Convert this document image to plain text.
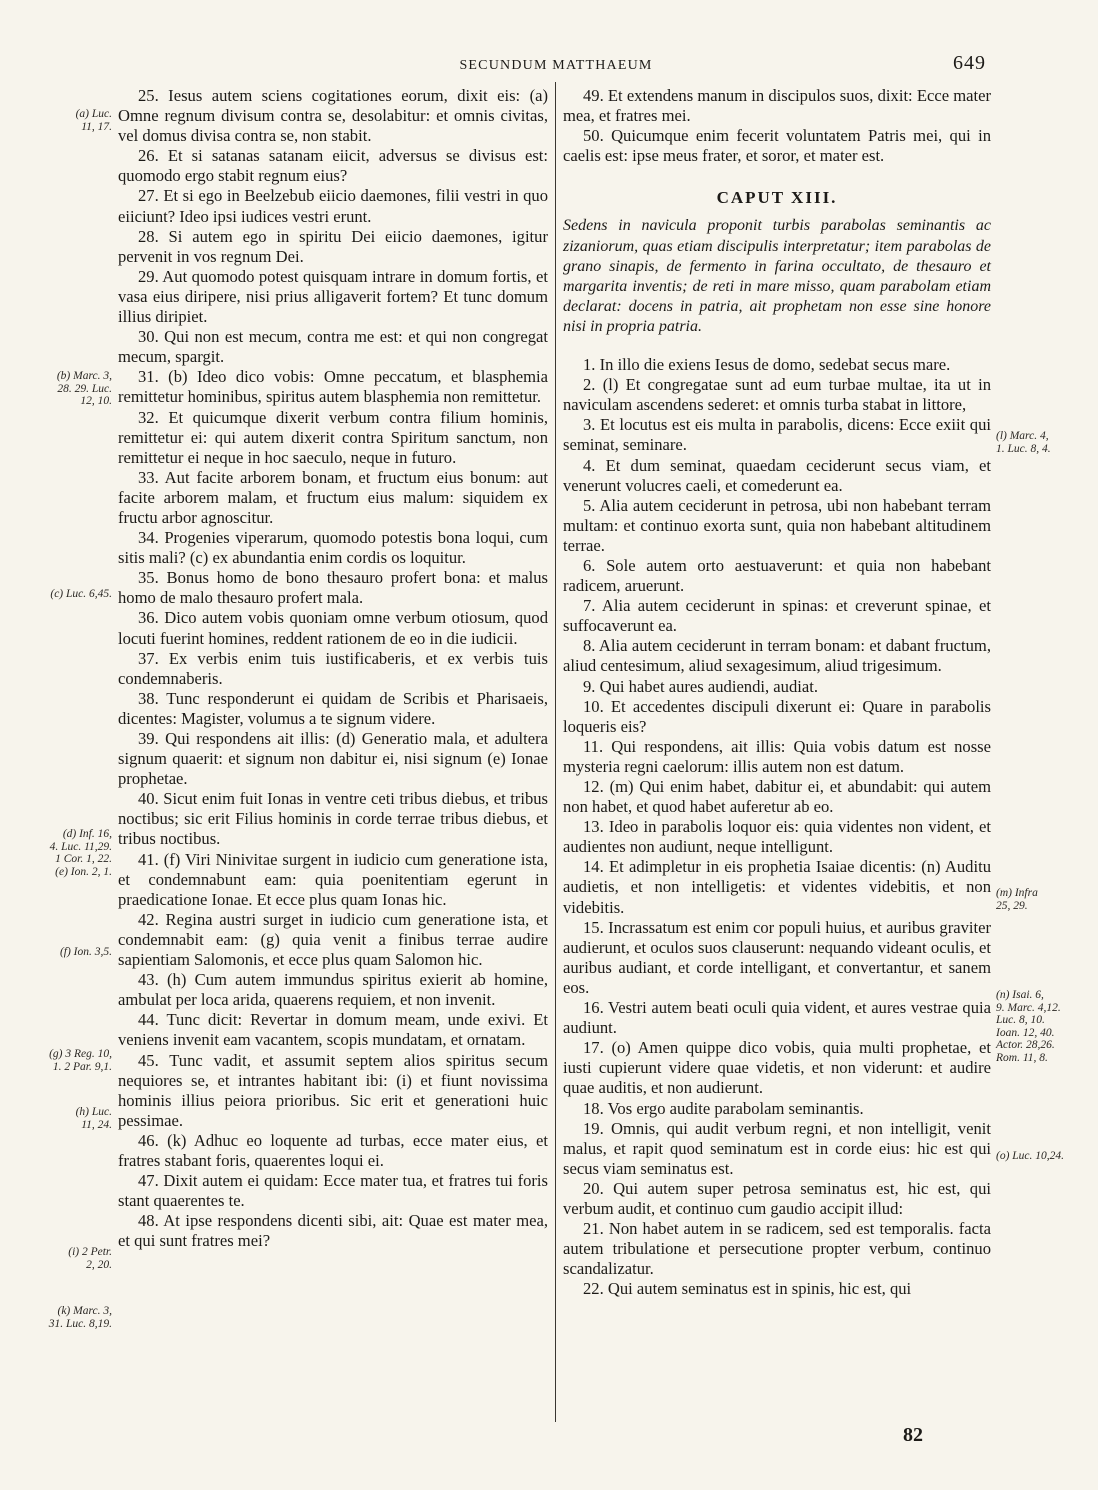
SECUNDUM MATTHAEUM	649

25. Iesus autem sciens cogitationes eorum, dixit eis: (a) Omne regnum divisum contra se, desolabitur: et omnis civitas, vel domus divisa contra se, non stabit.

26. Et si satanas satanam eiicit, adversus se divisus est: quomodo ergo stabit regnum eius?

27. Et si ego in Beelzebub eiicio daemones, filii vestri in quo eiiciunt? Ideo ipsi iudices vestri erunt.

28. Si autem ego in spiritu Dei eiicio daemones, igitur pervenit in vos regnum Dei.

29. Aut quomodo potest quisquam intrare in domum fortis, et vasa eius diripere, nisi prius alligaverit fortem? Et tunc domum illius diripiet.

30. Qui non est mecum, contra me est: et qui non congregat mecum, spargit.

31. (b) Ideo dico vobis: Omne peccatum, et blasphemia remittetur hominibus, spiritus autem blasphemia non remittetur.

32. Et quicumque dixerit verbum contra filium hominis, remittetur ei: qui autem dixerit contra Spiritum sanctum, non remittetur ei neque in hoc saeculo, neque in futuro.

33. Aut facite arborem bonam, et fructum eius bonum: aut facite arborem malam, et fructum eius malum: siquidem ex fructu arbor agnoscitur.

34. Progenies viperarum, quomodo potestis bona loqui, cum sitis mali? (c) ex abundantia enim cordis os loquitur.

35. Bonus homo de bono thesauro profert bona: et malus homo de malo thesauro profert mala.

36. Dico autem vobis quoniam omne verbum otiosum, quod locuti fuerint homines, reddent rationem de eo in die iudicii.

37. Ex verbis enim tuis iustificaberis, et ex verbis tuis condemnaberis.

38. Tunc responderunt ei quidam de Scribis et Pharisaeis, dicentes: Magister, volumus a te signum videre.

39. Qui respondens ait illis: (d) Generatio mala, et adultera signum quaerit: et signum non dabitur ei, nisi signum (e) Ionae prophetae.

40. Sicut enim fuit Ionas in ventre ceti tribus diebus, et tribus noctibus; sic erit Filius hominis in corde terrae tribus diebus, et tribus noctibus.

41. (f) Viri Ninivitae surgent in iudicio cum generatione ista, et condemnabunt eam: quia poenitentiam egerunt in praedicatione Ionae. Et ecce plus quam Ionas hic.

42. Regina austri surget in iudicio cum generatione ista, et condemnabit eam: (g) quia venit a finibus terrae audire sapientiam Salomonis, et ecce plus quam Salomon hic.

43. (h) Cum autem immundus spiritus exierit ab homine, ambulat per loca arida, quaerens requiem, et non invenit.

44. Tunc dicit: Revertar in domum meam, unde exivi. Et veniens invenit eam vacantem, scopis mundatam, et ornatam.

45. Tunc vadit, et assumit septem alios spiritus secum nequiores se, et intrantes habitant ibi: (i) et fiunt novissima hominis illius peiora prioribus. Sic erit et generationi huic pessimae.

46. (k) Adhuc eo loquente ad turbas, ecce mater eius, et fratres stabant foris, quaerentes loqui ei.

47. Dixit autem ei quidam: Ecce mater tua, et fratres tui foris stant quaerentes te.

48. At ipse respondens dicenti sibi, ait: Quae est mater mea, et qui sunt fratres mei?

49. Et extendens manum in discipulos suos, dixit: Ecce mater mea, et fratres mei.

50. Quicumque enim fecerit voluntatem Patris mei, qui in caelis est: ipse meus frater, et soror, et mater est.

CAPUT XIII.

Sedens in navicula proponit turbis parabolas seminantis ac zizaniorum, quas etiam discipulis interpretatur; item parabolas de grano sinapis, de fermento in farina occultato, de thesauro et margarita inventis; de reti in mare misso, quam parabolam etiam declarat: docens in patria, ait prophetam non esse sine honore nisi in propria patria.

1. In illo die exiens Iesus de domo, sedebat secus mare.

2. (l) Et congregatae sunt ad eum turbae multae, ita ut in naviculam ascendens sederet: et omnis turba stabat in littore,

3. Et locutus est eis multa in parabolis, dicens: Ecce exiit qui seminat, seminare.

4. Et dum seminat, quaedam ceciderunt secus viam, et venerunt volucres caeli, et comederunt ea.

5. Alia autem ceciderunt in petrosa, ubi non habebant terram multam: et continuo exorta sunt, quia non habebant altitudinem terrae.

6. Sole autem orto aestuaverunt: et quia non habebant radicem, aruerunt.

7. Alia autem ceciderunt in spinas: et creverunt spinae, et suffocaverunt ea.

8. Alia autem ceciderunt in terram bonam: et dabant fructum, aliud centesimum, aliud sexagesimum, aliud trigesimum.

9. Qui habet aures audiendi, audiat.

10. Et accedentes discipuli dixerunt ei: Quare in parabolis loqueris eis?

11. Qui respondens, ait illis: Quia vobis datum est nosse mysteria regni caelorum: illis autem non est datum.

12. (m) Qui enim habet, dabitur ei, et abundabit: qui autem non habet, et quod habet auferetur ab eo.

13. Ideo in parabolis loquor eis: quia videntes non vident, et audientes non audiunt, neque intelligunt.

14. Et adimpletur in eis prophetia Isaiae dicentis: (n) Auditu audietis, et non intelligetis: et videntes videbitis, et non videbitis.

15. Incrassatum est enim cor populi huius, et auribus graviter audierunt, et oculos suos clauserunt: nequando videant oculis, et auribus audiant, et corde intelligant, et convertantur, et sanem eos.

16. Vestri autem beati oculi quia vident, et aures vestrae quia audiunt.

17. (o) Amen quippe dico vobis, quia multi prophetae, et iusti cupierunt videre quae videtis, et non viderunt: et audire quae auditis, et non audierunt.

18. Vos ergo audite parabolam seminantis.

19. Omnis, qui audit verbum regni, et non intelligit, venit malus, et rapit quod seminatum est in corde eius: hic est qui secus viam seminatus est.

20. Qui autem super petrosa seminatus est, hic est, qui verbum audit, et continuo cum gaudio accipit illud:

21. Non habet autem in se radicem, sed est temporalis. facta autem tribulatione et persecutione propter verbum, continuo scandalizatur.

22. Qui autem seminatus est in spinis, hic est, qui

(a) Luc.
11, 17.
(b) Marc. 3,
28. 29. Luc.
12, 10.
(c) Luc. 6,45.
(d) Inf. 16,
4. Luc. 11,29.
1 Cor. 1, 22.
(e) Ion. 2, 1.
(f) Ion. 3,5.
(g) 3 Reg. 10,
1. 2 Par. 9,1.
(h) Luc.
11, 24.
(i) 2 Petr.
2, 20.
(k) Marc. 3,
31. Luc. 8,19.
(l) Marc. 4,
1. Luc. 8, 4.
(m) Infra
25, 29.
(n) Isai. 6,
9. Marc. 4,12.
Luc. 8, 10.
Ioan. 12, 40.
Actor. 28,26.
Rom. 11, 8.
(o) Luc. 10,24.
82
